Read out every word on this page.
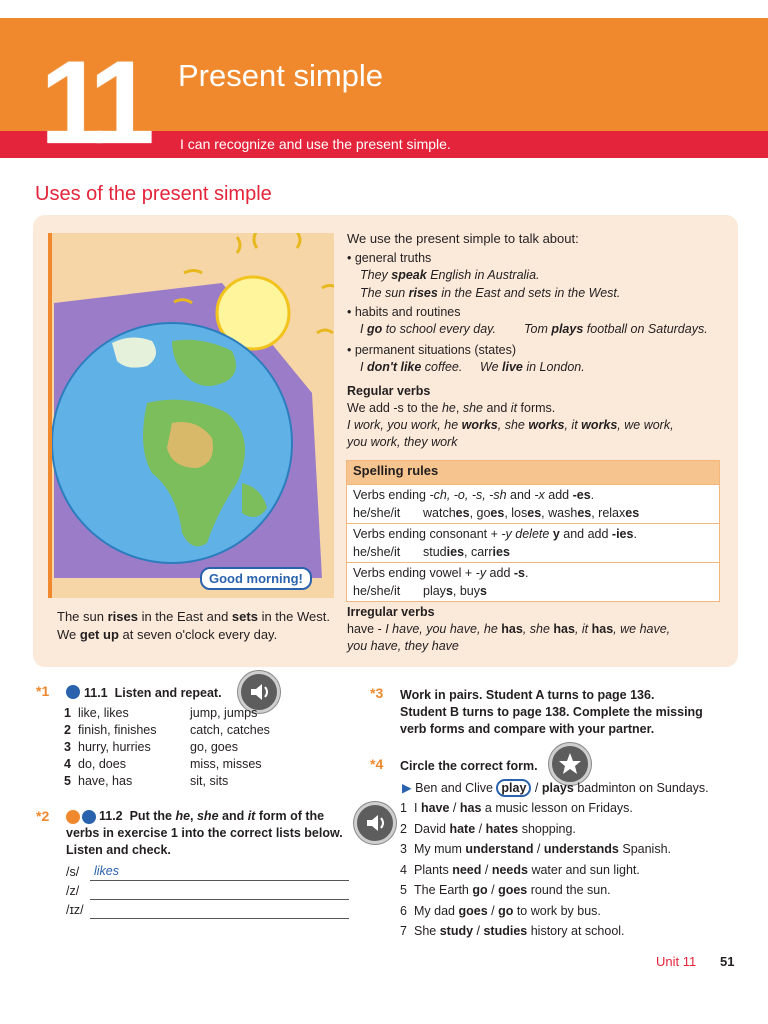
11 Present simple
I can recognize and use the present simple.
Uses of the present simple
Good morning!
The sun rises in the East and sets in the West. We get up at seven o'clock every day.
We use the present simple to talk about:
• general truths
They speak English in Australia.
The sun rises in the East and sets in the West.
• habits and routines
I go to school every day. Tom plays football on Saturdays.
• permanent situations (states)
I don't like coffee. We live in London.
Regular verbs
We add -s to the he, she and it forms.
I work, you work, he works, she works, it works, we work,
you work, they work
Spelling rules
Verbs ending -ch, -o, -s, -sh and -x add -es.
he/she/it watches, goes, loses, washes, relaxes
Verbs ending consonant + -y delete y and add -ies.
he/she/it studies, carries
Verbs ending vowel + -y add -s.
he/she/it plays, buys
Irregular verbs
have - I have, you have, he has, she has, it has, we have,
you have, they have
*1	11.1 Listen and repeat.
1 like, likes	jump, jumps
2 finish, finishes	catch, catches
3 hurry, hurries	go, goes
4 do, does	miss, misses
5 have, has	sit, sits
*2	11.2 Put the he, she and it form of the
verbs in exercise 1 into the correct lists below.
Listen and check.
/s/	likes
/z/
/ɪz/
*3 Work in pairs. Student A turns to page 136.
Student B turns to page 138. Complete the missing
verb forms and compare with your partner.
*4 Circle the correct form.
▶ Ben and Clive play / plays badminton on Sundays.
1 I have / has a music lesson on Fridays.
2 David hate / hates shopping.
3 My mum understand / understands Spanish.
4 Plants need / needs water and sun light.
5 The Earth go / goes round the sun.
6 My dad goes / go to work by bus.
7 She study / studies history at school.
Unit 11 51
